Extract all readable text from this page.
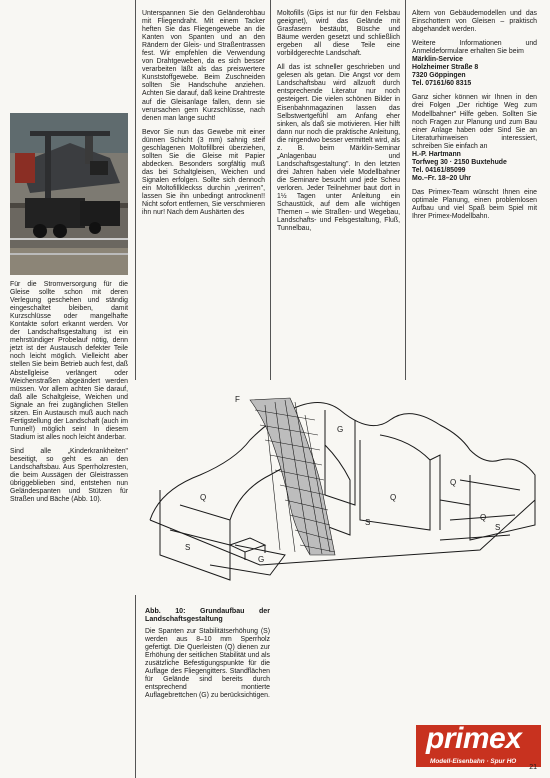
Für die Stromversorgung für die Gleise sollte schon mit deren Verlegung geschehen und ständig eingeschaltet bleiben, damit Kurzschlüsse oder mangelhafte Kontakte sofort erkannt werden. Vor der Landschaftsgestaltung ist ein mehrstündiger Probelauf nötig, denn jetzt ist der Austausch defekter Teile noch leicht möglich. Vielleicht aber stellen Sie beim Betrieb auch fest, daß Abstellgleise verlängert oder Weichenstraßen abgeändert werden müssen. Vor allem achten Sie darauf, daß alle Schaltgleise, Weichen und Signale an frei zugänglichen Stellen sitzen. Ein Austausch muß auch nach Fertigstellung der Landschaft (auch im Tunnel!) möglich sein! In diesem Stadium ist alles noch leicht änderbar.

Sind alle „Kinderkrankheiten" beseitigt, so geht es an den Landschaftsbau. Aus Sperrholzresten, die beim Aussägen der Gleistrassen übriggeblieben sind, entstehen nun Geländespanten und Stützen für Straßen und Bäche (Abb. 10).

Unterspannen Sie den Geländerohbau mit Fliegendraht. Mit einem Tacker heften Sie das Fliegengewebe an die Kanten von Spanten und an den Rändern der Gleis- und Straßentrassen fest. Wir empfehlen die Verwendung von Drahtgeweben, da es sich besser verarbeiten läßt als das preiswertere Kunststoffgewebe. Beim Zuschneiden sollten Sie Handschuhe anziehen. Achten Sie darauf, daß keine Drahtreste auf die Gleisanlage fallen, denn sie verursachen gern Kurzschlüsse, nach denen man lange sucht!

Bevor Sie nun das Gewebe mit einer dünnen Schicht (3 mm) sahnig steif geschlagenen Moltofillbrei überziehen, sollten Sie die Gleise mit Papier abdecken. Besonders sorgfältig muß das bei Schaltgleisen, Weichen und Signalen erfolgen. Sollte sich dennoch ein Moltofillkleckss durchin „verirren", lassen Sie ihn unbedingt antrocknen!! Nicht sofort entfernen, Sie verschmieren ihn nur! Nach dem Aushärten des

Moltofills (Gips ist nur für den Felsbau geeignet), wird das Gelände mit Grasfasern bestäubt, Büsche und Bäume werden gesetzt und schließlich ergeben all diese Teile eine vorbildgerechte Landschaft.

All das ist schneller geschrieben und gelesen als getan. Die Angst vor dem Landschaftsbau wird allzuoft durch entsprechende Literatur nur noch gesteigert. Die vielen schönen Bilder in Eisenbahnmagazinen lassen das Selbstwertgefühl am Anfang eher sinken, als daß sie motivieren. Hier hilft dann nur noch die praktische Anleitung, die nirgendwo besser vermittelt wird, als z. B. beim Märklin-Seminar „Anlagenbau und Landschaftsgestaltung". In den letzten drei Jahren haben viele Modellbahner die Seminare besucht und jede Scheu verloren. Jeder Teilnehmer baut dort in 1½ Tagen unter Anleitung ein Schaustück, auf dem alle wichtigen Themen – wie Straßen- und Wegebau, Landschafts- und Felsgestaltung, Fluß, Tunnelbau,

Altern von Gebäudemodellen und das Einschottern von Gleisen – praktisch abgehandelt werden.

Weitere Informationen und Anmeldeformulare erhalten Sie beim

Märklin-Service
Holzheimer Straße 8
7320 Göppingen
Tel. 07161/60 8315

Ganz sicher können wir Ihnen in den drei Folgen „Der richtige Weg zum Modellbahner" Hilfe geben. Sollten Sie noch Fragen zur Planung und zum Bau einer Anlage haben oder Sind Sie an Literaturhinweisen interessiert, schreiben Sie einfach an

H.-P. Hartmann
Torfweg 30 · 2150 Buxtehude
Tel. 04161/85099
Mo.–Fr. 18–20 Uhr

Das Primex-Team wünscht Ihnen eine optimale Planung, einen problemlosen Aufbau und viel Spaß beim Spiel mit Ihrer Primex-Modellbahn.

F
G
Q	Q
Q
Q
S
S
S
G
Abb. 10: Grundaufbau der Landschaftsgestaltung

Die Spanten zur Stabilitätserhöhung (S) werden aus 8–10 mm Sperrholz gefertigt. Die Querleisten (Q) dienen zur Erhöhung der seitlichen Stabilität und als zusätzliche Befestigungspunkte für die Auflage des Fliegengitters. Standflächen für Gelände sind bereits durch entsprechend montierte Auflagebrettchen (G) zu berücksichtigen.

primex
Modell-Eisenbahn · Spur HO
21
